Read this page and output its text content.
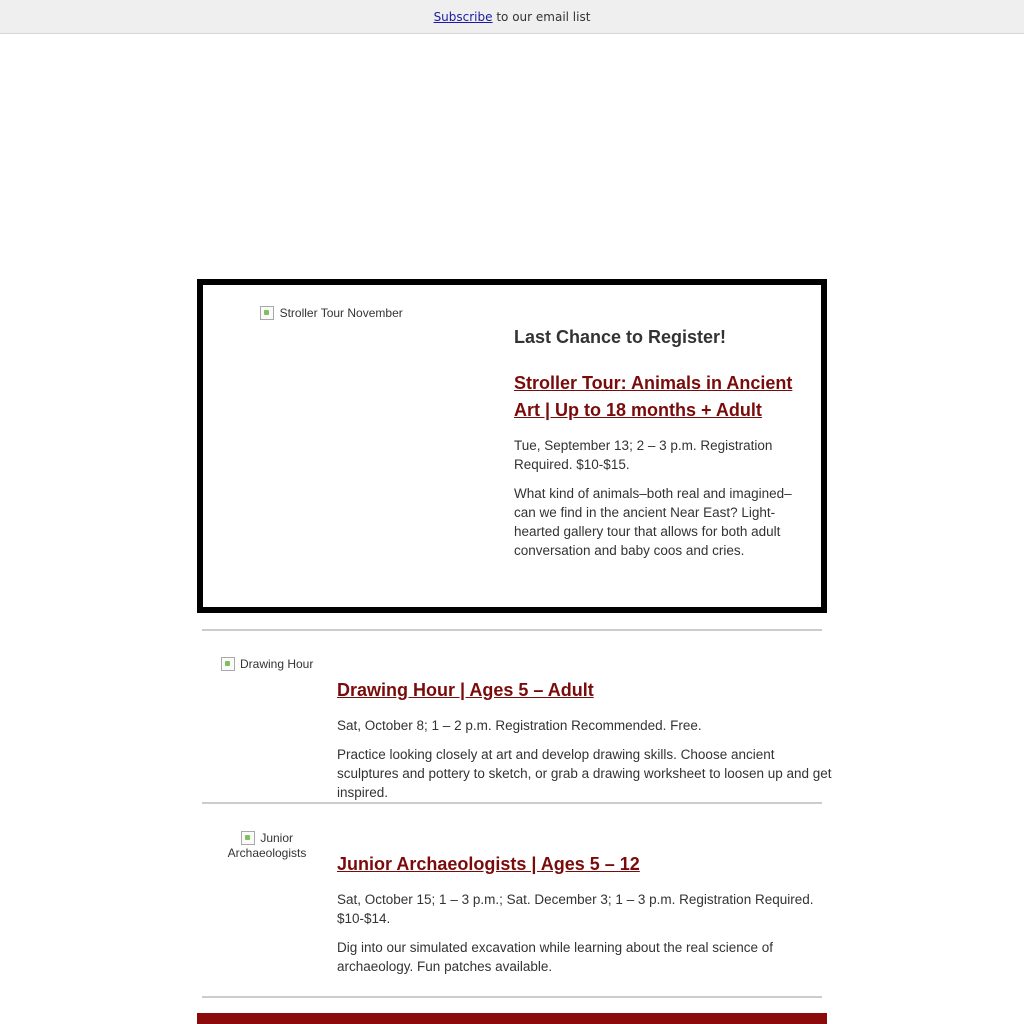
Subscribe to our email list
Stroller Tour November
Last Chance to Register!
Stroller Tour: Animals in Ancient Art | Up to 18 months + Adult

Tue, September 13; 2 – 3 p.m. Registration Required. $10-$15.

What kind of animals–both real and imagined–can we find in the ancient Near East? Light-hearted gallery tour that allows for both adult conversation and baby coos and cries.

Drawing Hour
Drawing Hour | Ages 5 – Adult

Sat, October 8; 1 – 2 p.m. Registration Recommended. Free.

Practice looking closely at art and develop drawing skills. Choose ancient sculptures and pottery to sketch, or grab a drawing worksheet to loosen up and get inspired.

Junior Archaeologists
Junior Archaeologists | Ages 5 – 12

Sat, October 15; 1 – 3 p.m.; Sat. December 3; 1 – 3 p.m. Registration Required. $10-$14.

Dig into our simulated excavation while learning about the real science of archaeology. Fun patches available.
